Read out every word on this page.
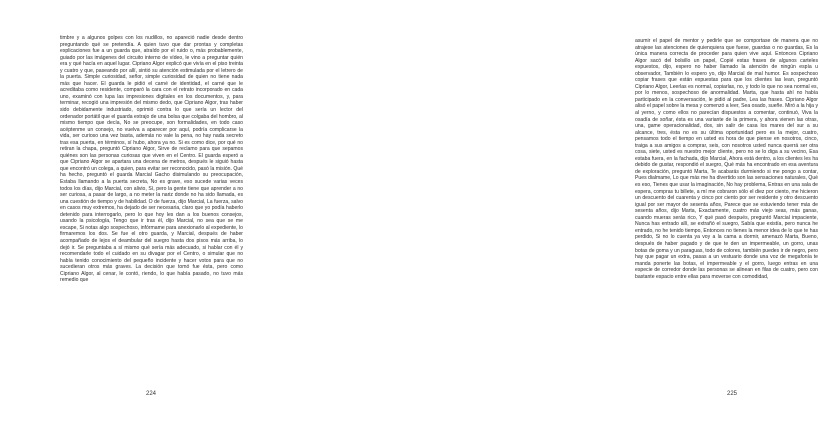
timbre y a algunos golpes con los nudillos, no apareció nadie desde dentro preguntando qué se pretendía. A quien tuvo que dar prontas y completas explicaciones fue a un guarda que, atraído por el ruido o, más probablemente, guiado por las imágenes del circuito interno de vídeo, le vino a preguntar quién era y qué hacía en aquel lugar. Cipriano Algor explicó que vivía en el piso treinta y cuatro y que, paseando por allí, sintió su atención estimulada por el letrero de la puerta. Simple curiosidad, señor, simple curiosidad de quien no tiene nada más que hacer. El guarda le pidió el carné de identidad, el carné que le acreditaba como residente, comparó la cara con el retrato incorporado en cada uno, examinó con lupa las impresiones digitales en los documentos, y, para terminar, recogió una impresión del mismo dedo, que Cipriano Algor, tras haber sido debidamente industriado, oprimió contra lo que sería un lector del ordenador portátil que el guarda extrajo de una bolsa que colgaba del hombro, al mismo tiempo que decía, No se preocupe, son formalidades, en todo caso acéptenme un consejo, no vuelva a aparecer por aquí, podría complicarse la vida, ser curioso una vez basta, además no vale la pena, no hay nada secreto tras esa puerta, en términos, sí hubo, ahora ya no. Si es como dice, por qué no retiran la chapa, preguntó Cipriano Algor, Sirve de reclamo para que sepamos quiénes son las personas curiosas que viven en el Centro. El guarda esperó a que Cipriano Algor se apartara una decena de metros, después le siguió hasta que encontró un colega, a quien, para evitar ser reconocido, pasó la misión. Qué ha hecho, preguntó el guarda Marcial Gacho disimulando su preocupación, Estaba llamando a la puerta secreta, No es grave, eso sucede varias veces todos los días, dijo Marcial, con alivio, Sí, pero la gente tiene que aprender a no ser curiosa, a pasar de largo, a no meter la nariz donde no ha sido llamada, es una cuestión de tiempo y de habilidad. O de fuerza, dijo Marcial, La fuerza, salvo en casos muy extremos, ha dejado de ser necesaria, claro que yo podía haberlo detenido para interrogarlo, pero lo que hoy les dan a los buenos consejos, usando la psicología, Tengo que ir tras él, dijo Marcial, no sea que se me escape, Si notas algo sospechoso, infórmame para anexionarlo al expediente, lo firmaremos los dos. Se fue el otro guarda, y Marcial, después de haber acompañado de lejos el deambular del suegro hasta dos pisos más arriba, lo dejó ir. Se preguntaba a sí mismo qué sería más adecuado, si hablar con él y recomendarle todo el cuidado en su divagar por el Centro, o simular que no había tenido conocimiento del pequeño incidente y hacer votos para que no sucedieran otros más graves. La decisión que tomó fue ésta, pero como Cipriano Algor, al cenar, le contó, riendo, lo que había pasado, no tuvo más remedio que

224

asumir el papel de mentor y pedirle que se comportase de manera que no atrajese las atenciones de quienquiera que fuese, guardas o no guardas, Es la única manera correcta de proceder para quien vive aquí. Entonces Cipriano Algor sacó del bolsillo un papel, Copié estas frases de algunos carteles expuestos, dijo, espero no haber llamado la atención de ningún espía u observador, También lo espero yo, dijo Marcial de mal humor. Es sospechoso copiar frases que están expuestas para que los clientes las lean, preguntó Cipriano Algor, Leerlas es normal, copiarlas, no, y todo lo que no sea normal es, por lo menos, sospechoso de anormalidad. Marta, que hasta ahí no había participado en la conversación, le pidió al padre, Lea las frases. Cipriano Algor alisó el papel sobre la mesa y comenzó a leer, Sea osado, sueñe. Miró a la hija y al yerno, y como ellos no parecían dispuestos a comentar, continuó, Viva la osadía de soñar, ésta es una variante de la primera, y ahora vienen las otras, una, game operacionalidad, dos, sin salir de casa los mares del sur a su alcance, tres, ésta no es su última oportunidad pero es la mejor, cuatro, pensamos todo el tiempo en usted es hora de que piense en nosotros, cinco, traiga a sus amigos a comprar, seis, con nosotros usted nunca querrá ser otra cosa, siete, usted es nuestro mejor cliente, pero no se lo diga a su vecino, Esa estaba fuera, en la fachada, dijo Marcial, Ahora está dentro, a los clientes les ha debido de gustar, respondió el suegro, Qué más ha encontrado en esa aventura de exploración, preguntó Marta, Te acabarás durmiendo si me pongo a contar, Pues dialmame, Lo que más me ha divertido son las sensaciones naturales, Qué es eso, Tienes que usar la imaginación, No hay problema, Entras en una sala de espera, compras tu billete, a mí me cobraron sólo el diez por ciento, me hicieron un descuento del cuarenta y cinco por ciento por ser residente y otro descuento igual por ser mayor de sesenta años, Parece que se estuviendo tener más de sesenta años, dijo Marta, Exactamente, cuatro más viejo seas, más ganas, cuando mueras serás rico, Y qué pasó después, preguntó Marcial impaciente, Nunca has entrado allí, se extrañó el suegro, Sabía que existía, pero nunca he entrado, no he tenido tiempo, Entonces no tienes la menor idea de lo que te has perdido, Si no lo cuenta ya voy a la cama a dormir, amenazó Marta, Bueno, después de haber pagado y de que te den un impermeable, un gorro, unas botas de goma y un paraguas, todo de colores, también puedes ir de negro, pero hay que pagar un extra, pasas a un vestuario donde una voz de megafonía te manda ponerte las botas, el impermeable y el gorro, luego entras en una especie de corredor donde las personas se alinean en filas de cuatro, pero con bastante espacio entre ellas para moverse con comodidad,

225
